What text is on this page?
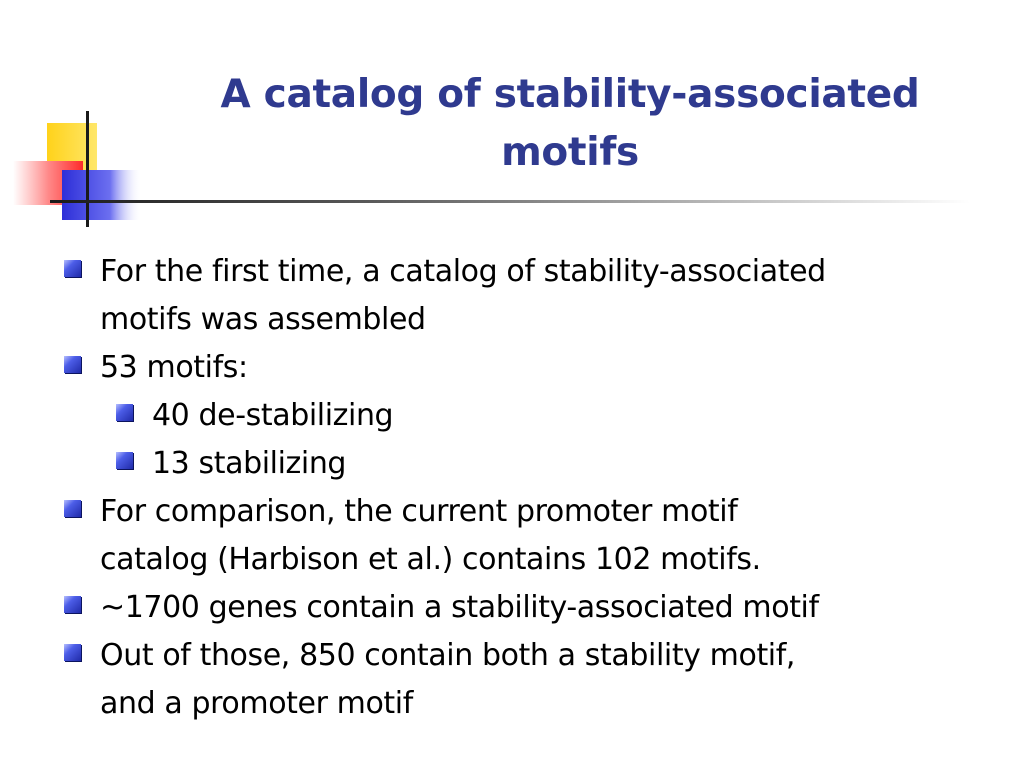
A catalog of stability-associated
motifs
For the first time, a catalog of stability-associated
motifs was assembled
53 motifs:
40 de-stabilizing
13 stabilizing
For comparison, the current promoter motif
catalog (Harbison et al.) contains 102 motifs.
~1700 genes contain a stability-associated motif
Out of those, 850 contain both a stability motif,
and a promoter motif
